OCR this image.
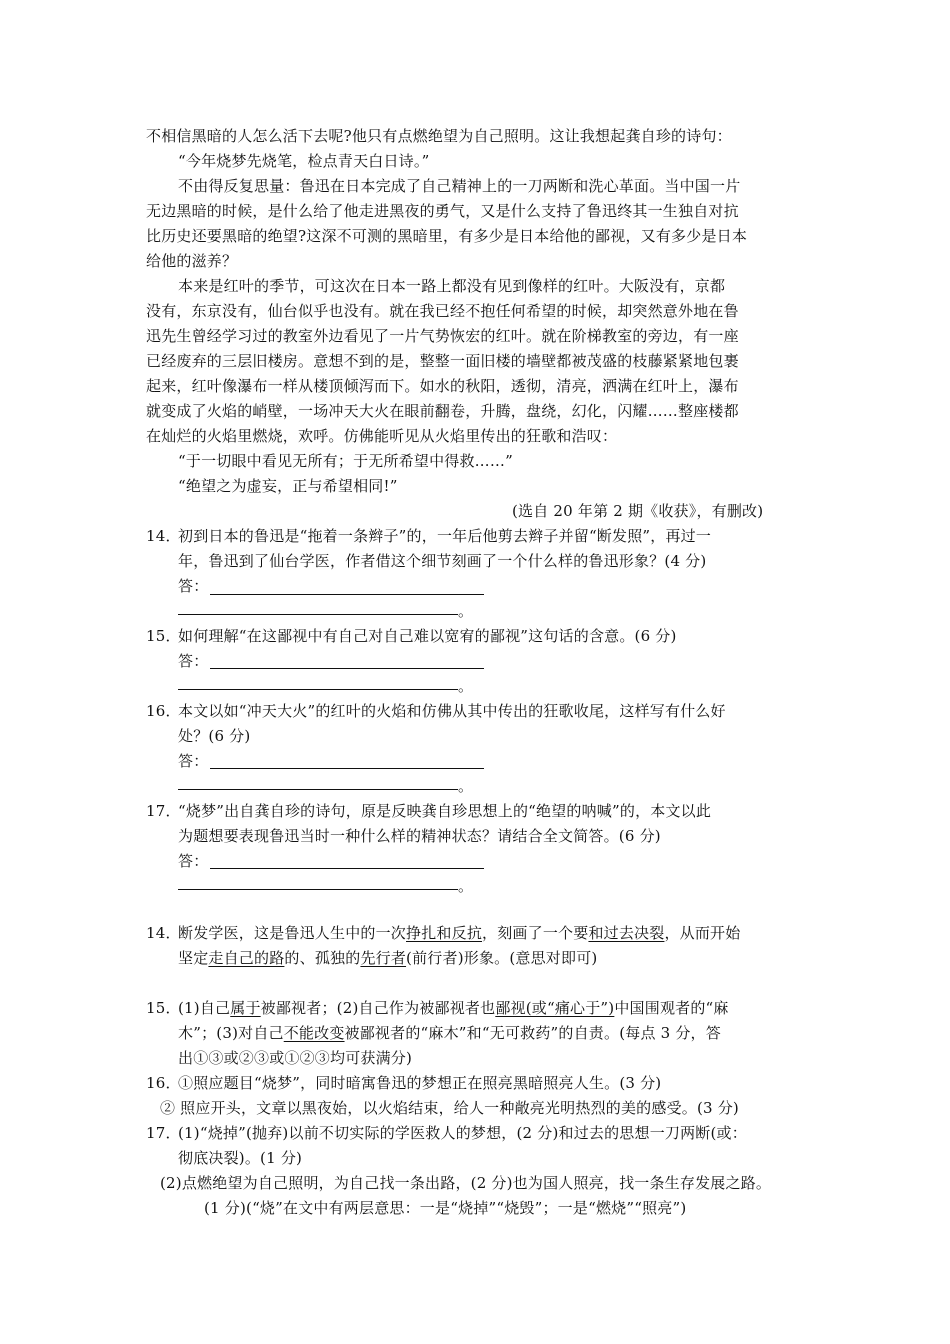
不相信黑暗的人怎么活下去呢?他只有点燃绝望为自己照明。这让我想起龚自珍的诗句：
“今年烧梦先烧笔，检点青天白日诗。”
不由得反复思量：鲁迅在日本完成了自己精神上的一刀两断和洗心革面。当中国一片
无边黑暗的时候，是什么给了他走进黑夜的勇气，又是什么支持了鲁迅终其一生独自对抗
比历史还要黑暗的绝望?这深不可测的黑暗里，有多少是日本给他的鄙视，又有多少是日本
给他的滋养？
本来是红叶的季节，可这次在日本一路上都没有见到像样的红叶。大阪没有，京都
没有，东京没有，仙台似乎也没有。就在我已经不抱任何希望的时候，却突然意外地在鲁
迅先生曾经学习过的教室外边看见了一片气势恢宏的红叶。就在阶梯教室的旁边，有一座
已经废弃的三层旧楼房。意想不到的是，整整一面旧楼的墙壁都被茂盛的枝藤紧紧地包裹
起来，红叶像瀑布一样从楼顶倾泻而下。如水的秋阳，透彻，清亮，洒满在红叶上，瀑布
就变成了火焰的峭壁，一场冲天大火在眼前翻卷，升腾，盘绕，幻化，闪耀……整座楼都
在灿烂的火焰里燃烧，欢呼。仿佛能听见从火焰里传出的狂歌和浩叹：
“于一切眼中看见无所有；于无所希望中得救……”
“绝望之为虚妄，正与希望相同!”
(选自 20 年第 2 期《收获》，有删改)
14．
初到日本的鲁迅是“拖着一条辫子”的，一年后他剪去辫子并留“断发照”，再过一
年，鲁迅到了仙台学医，作者借这个细节刻画了一个什么样的鲁迅形象？(4 分)
答：
。
15．
如何理解“在这鄙视中有自己对自己难以宽宥的鄙视”这句话的含意。(6 分)
答：
。
16．
本文以如“冲天大火”的红叶的火焰和仿佛从其中传出的狂歌收尾，这样写有什么好
处？(6 分)
答：
。
17．
“烧梦”出自龚自珍的诗句，原是反映龚自珍思想上的“绝望的呐喊”的，本文以此
为题想要表现鲁迅当时一种什么样的精神状态？请结合全文简答。(6 分)
答：
。
14．
断发学医，这是鲁迅人生中的一次挣扎和反抗，刻画了一个要和过去决裂，从而开始
坚定走自己的路的、孤独的先行者(前行者)形象。(意思对即可)
15．
(1)自己属于被鄙视者；(2)自己作为被鄙视者也鄙视(或“痛心于”)中国围观者的“麻
木”；(3)对自己不能改变被鄙视者的“麻木”和“无可救药”的自责。(每点 3 分，答
出①③或②③或①②③均可获满分)
16．
①照应题目“烧梦”，同时暗寓鲁迅的梦想正在照亮黑暗照亮人生。(3 分)
② 照应开头，文章以黑夜始，以火焰结束，给人一种敞亮光明热烈的美的感受。(3 分)
17．
(1)“烧掉”(抛弃)以前不切实际的学医救人的梦想，(2 分)和过去的思想一刀两断(或：
彻底决裂)。(1 分)
(2)点燃绝望为自己照明，为自己找一条出路，(2 分)也为国人照亮，找一条生存发展之路。
(1 分)(“烧”在文中有两层意思：一是“烧掉”“烧毁”；一是“燃烧”“照亮”)
